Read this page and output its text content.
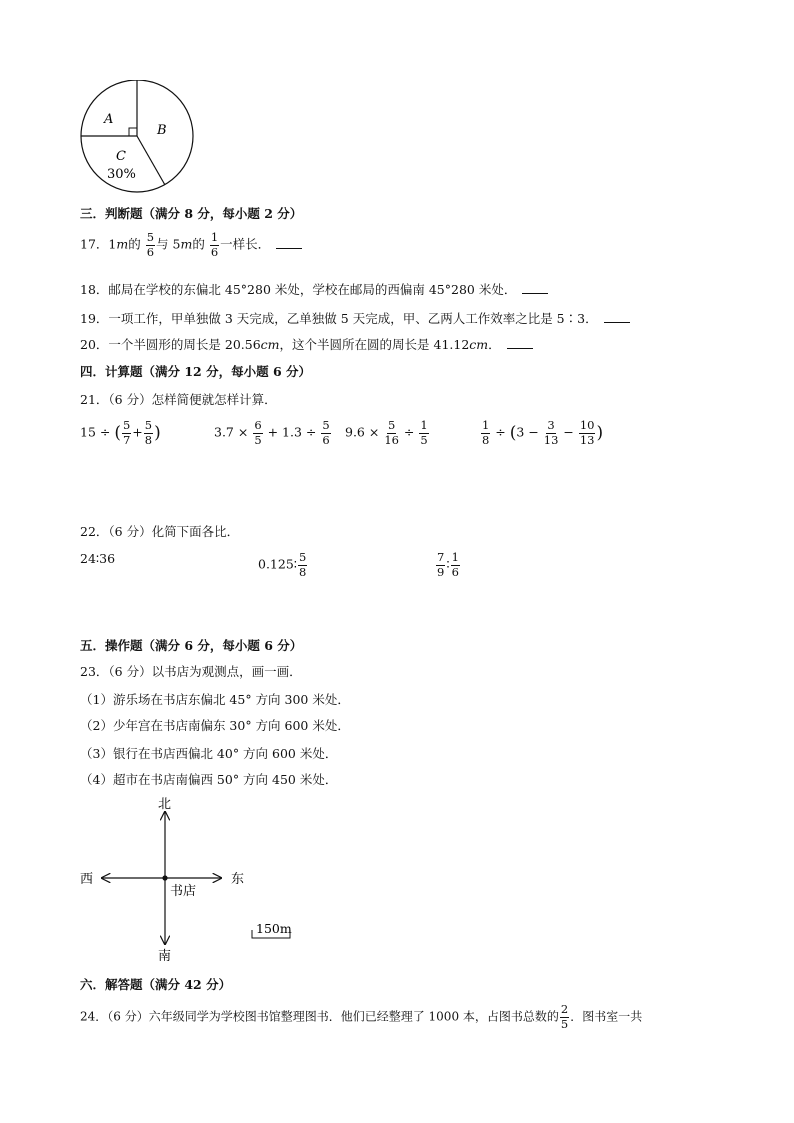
A
B
C
30%
三．判断题（满分 8 分，每小题 2 分）
17．1m的 $\frac{5}{6}$ 与 5m的 $\frac{1}{6}$ 一样长．
18．邮局在学校的东偏北 45°280 米处，学校在邮局的西偏南 45°280 米处．
19．一项工作，甲单独做 3 天完成，乙单独做 5 天完成，甲、乙两人工作效率之比是 5∶3．
20．一个半圆形的周长是 20.56cm，这个半圆所在圆的周长是 41.12cm．
四．计算题（满分 12 分，每小题 6 分）
21．（6 分）怎样简便就怎样计算．
15 ÷ ( $\frac{5}{7} + \frac{5}{8}$ )	$3.7 \times \frac{6}{5} + 1.3 \div \frac{5}{6} 9.6 \times \frac{5}{16} \div \frac{1}{5}$	$\frac{1}{8} \div (3 - \frac{3}{13} - \frac{10}{13}$ )
22．（6 分）化简下面各比．
24∶36	0.125∶ $\frac{5}{8}$	$\frac{7}{9}$ ∶ $\frac{1}{6}$
五．操作题（满分 6 分，每小题 6 分）
23．（6 分）以书店为观测点，画一画．
（1）游乐场在书店东偏北 45° 方向 300 米处．
（2）少年宫在书店南偏东 30° 方向 600 米处．
（3）银行在书店西偏北 40° 方向 600 米处．
（4）超市在书店南偏西 50° 方向 450 米处．
北
南
东
西
书店
150m
六．解答题（满分 42 分）
24．（6 分）六年级同学为学校图书馆整理图书．他们已经整理了 1000 本，占图书总数的 $\frac{2}{5}$ ．图书室一共
